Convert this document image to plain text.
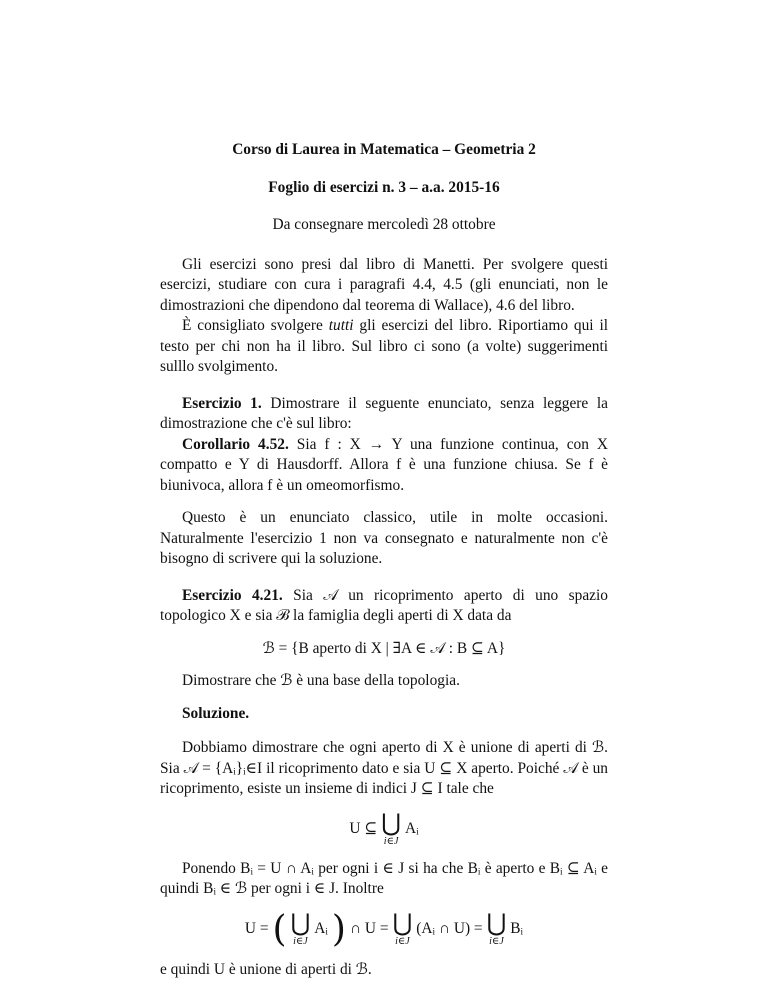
Corso di Laurea in Matematica – Geometria 2
Foglio di esercizi n. 3 – a.a. 2015-16
Da consegnare mercoledì 28 ottobre

Gli esercizi sono presi dal libro di Manetti. Per svolgere questi esercizi, studiare con cura i paragrafi 4.4, 4.5 (gli enunciati, non le dimostrazioni che dipendono dal teorema di Wallace), 4.6 del libro.

È consigliato svolgere tutti gli esercizi del libro. Riportiamo qui il testo per chi non ha il libro. Sul libro ci sono (a volte) suggerimenti sulllo svolgimento.

Esercizio 1. Dimostrare il seguente enunciato, senza leggere la dimostrazione che c'è sul libro:

Corollario 4.52. Sia f : X → Y una funzione continua, con X compatto e Y di Hausdorff. Allora f è una funzione chiusa. Se f è biunivoca, allora f è un omeomorfismo.

Questo è un enunciato classico, utile in molte occasioni. Naturalmente l'esercizio 1 non va consegnato e naturalmente non c'è bisogno di scrivere qui la soluzione.

Esercizio 4.21. Sia 𝒜 un ricoprimento aperto di uno spazio topologico X e sia ℬ la famiglia degli aperti di X data da

ℬ = {B aperto di X | ∃A ∈ 𝒜 : B ⊆ A}

Dimostrare che ℬ è una base della topologia.

Soluzione.

Dobbiamo dimostrare che ogni aperto di X è unione di aperti di ℬ. Sia 𝒜 = {Aᵢ}ᵢ∈I il ricoprimento dato e sia U ⊆ X aperto. Poiché 𝒜 è un ricoprimento, esiste un insieme di indici J ⊆ I tale che

U ⊆ ⋃
i∈J
Aᵢ

Ponendo Bᵢ = U ∩ Aᵢ per ogni i ∈ J si ha che Bᵢ è aperto e Bᵢ ⊆ Aᵢ e quindi Bᵢ ∈ ℬ per ogni i ∈ J. Inoltre

U = ( ⋃
i∈J
Aᵢ ) ∩ U = ⋃
i∈J
(Aᵢ ∩ U) = ⋃
i∈J
Bᵢ

e quindi U è unione di aperti di ℬ.
